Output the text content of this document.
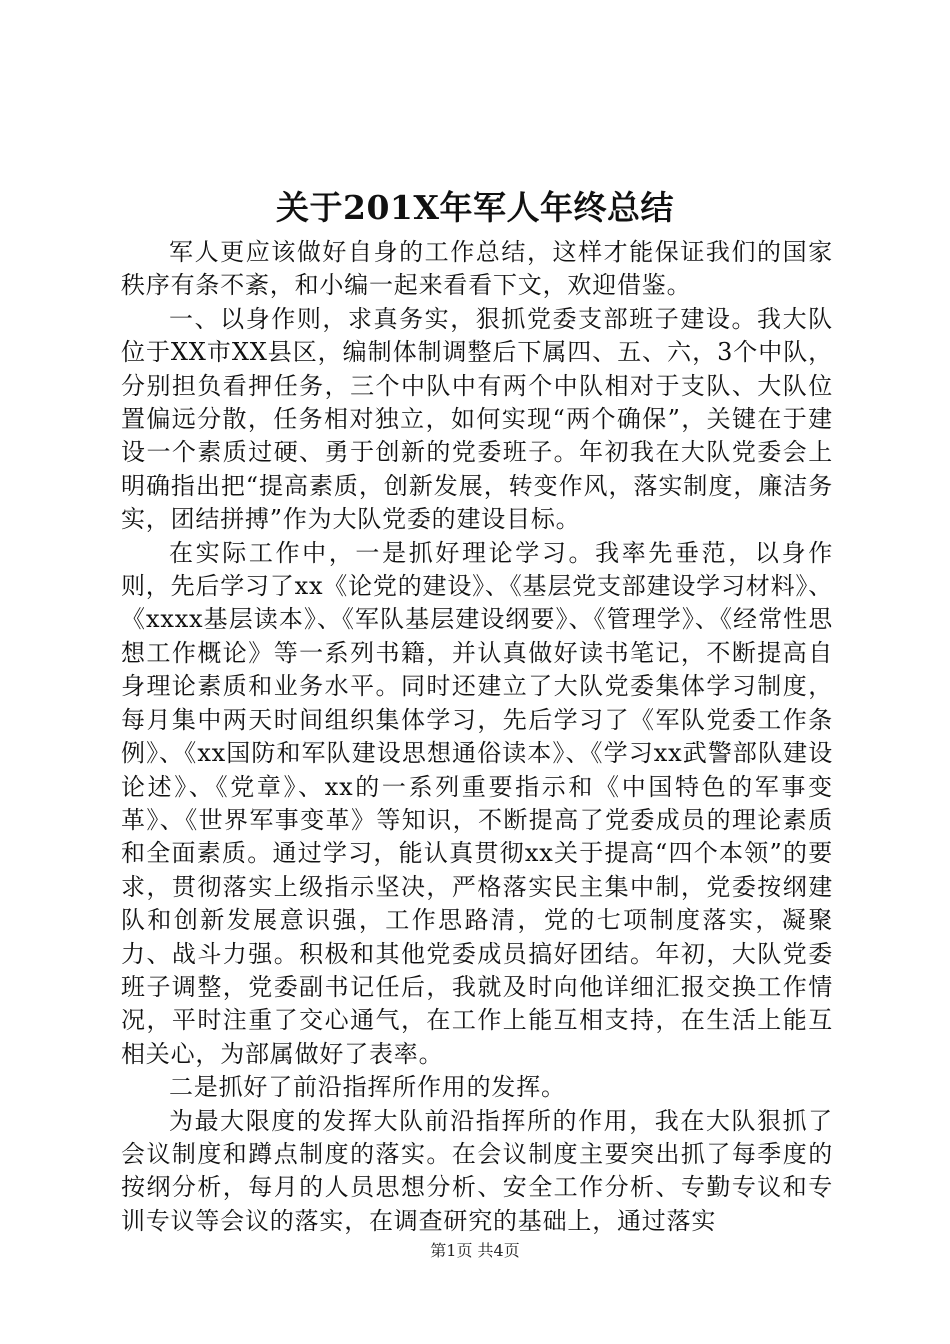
关于201X年军人年终总结

军人更应该做好自身的工作总结，这样才能保证我们的国家秩序有条不紊，和小编一起来看看下文，欢迎借鉴。

一、以身作则，求真务实，狠抓党委支部班子建设。我大队位于XX市XX县区，编制体制调整后下属四、五、六，3个中队，分别担负看押任务，三个中队中有两个中队相对于支队、大队位置偏远分散，任务相对独立，如何实现“两个确保”，关键在于建设一个素质过硬、勇于创新的党委班子。年初我在大队党委会上明确指出把“提高素质，创新发展，转变作风，落实制度，廉洁务实，团结拼搏”作为大队党委的建设目标。

在实际工作中，一是抓好理论学习。我率先垂范，以身作则，先后学习了xx《论党的建设》、《基层党支部建设学习材料》、《xxxx基层读本》、《军队基层建设纲要》、《管理学》、《经常性思想工作概论》等一系列书籍，并认真做好读书笔记，不断提高自身理论素质和业务水平。同时还建立了大队党委集体学习制度，每月集中两天时间组织集体学习，先后学习了《军队党委工作条例》、《xx国防和军队建设思想通俗读本》、《学习xx武警部队建设论述》、《党章》、xx的一系列重要指示和《中国特色的军事变革》、《世界军事变革》等知识，不断提高了党委成员的理论素质和全面素质。通过学习，能认真贯彻xx关于提高“四个本领”的要求，贯彻落实上级指示坚决，严格落实民主集中制，党委按纲建队和创新发展意识强，工作思路清，党的七项制度落实，凝聚力、战斗力强。积极和其他党委成员搞好团结。年初，大队党委班子调整，党委副书记任后，我就及时向他详细汇报交换工作情况，平时注重了交心通气，在工作上能互相支持，在生活上能互相关心，为部属做好了表率。

二是抓好了前沿指挥所作用的发挥。

为最大限度的发挥大队前沿指挥所的作用，我在大队狠抓了会议制度和蹲点制度的落实。在会议制度主要突出抓了每季度的按纲分析，每月的人员思想分析、安全工作分析、专勤专议和专训专议等会议的落实，在调查研究的基础上，通过落实

第1页 共4页
